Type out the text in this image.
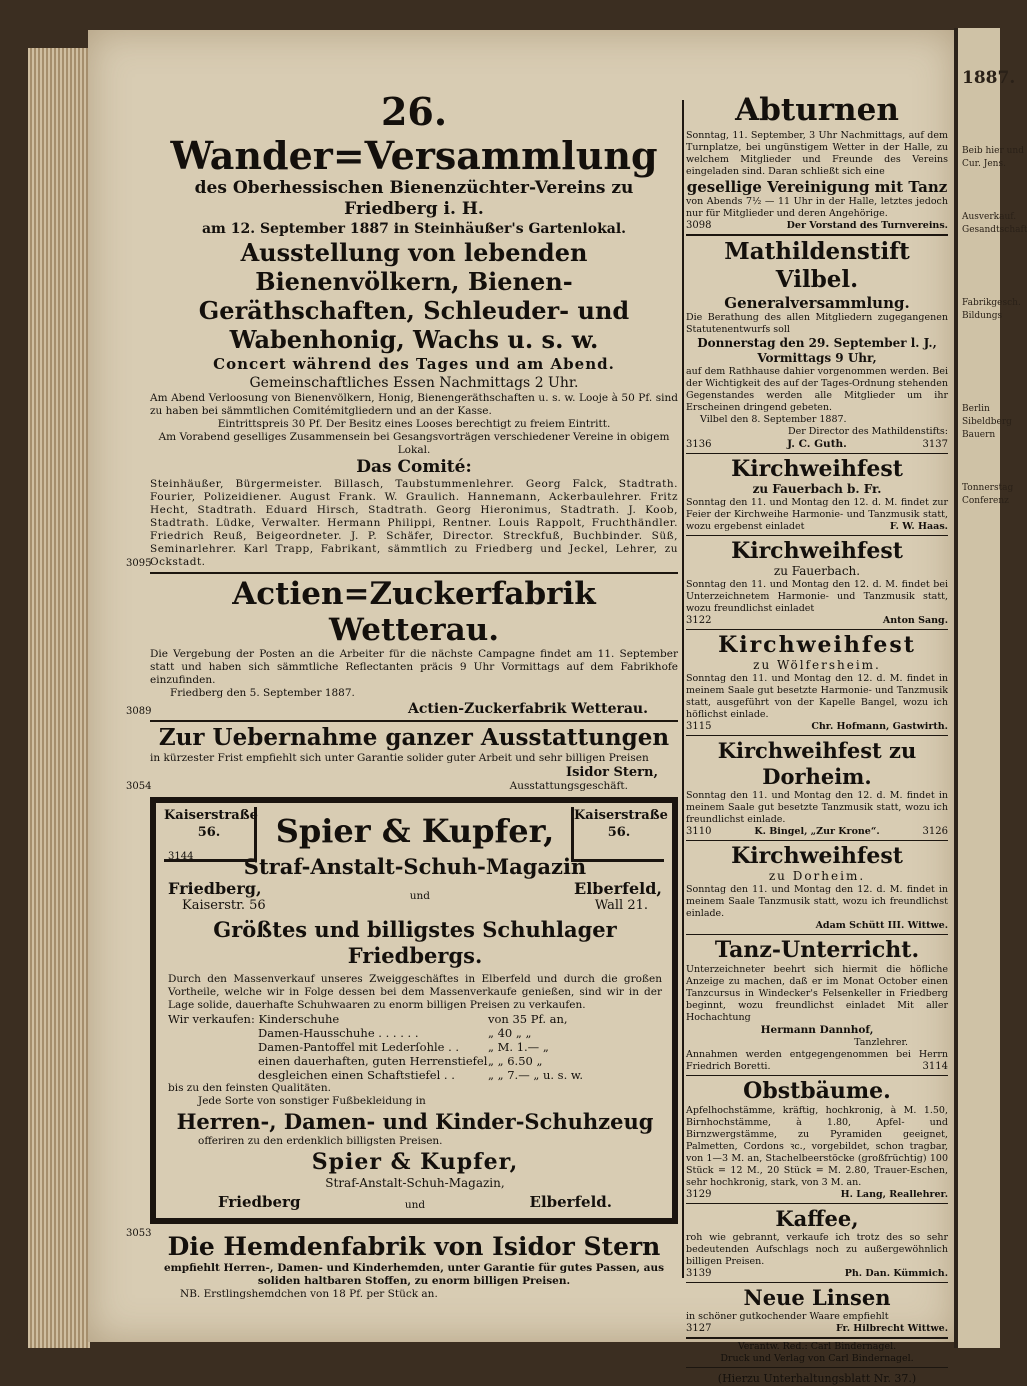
1887.
Beib hier und
Cur. Jens.
Ausverkauf.
Gesandtschaft
Fabrikgesch.
Bildungs
Berlin
Sibeldberg
Bauern
Tonnerstag
Conferenz
26. Wander=Versammlung
des Oberhessischen Bienenzüchter-Vereins zu Friedberg i. H.
am 12. September 1887 in Steinhäußer's Gartenlokal.
Ausstellung von lebenden Bienenvölkern, Bienen-Geräthschaften, Schleuder- und Wabenhonig, Wachs u. s. w.
Concert während des Tages und am Abend.
Gemeinschaftliches Essen Nachmittags 2 Uhr.
Am Abend Verloosung von Bienenvölkern, Honig, Bienengeräthschaften u. s. w. Looje à 50 Pf. sind zu haben bei sämmtlichen Comitémitgliedern und an der Kasse.
Eintrittspreis 30 Pf. Der Besitz eines Looses berechtigt zu freiem Eintritt.
Am Vorabend geselliges Zusammensein bei Gesangsvorträgen verschiedener Vereine in obigem Lokal.
Das Comité:
Steinhäußer, Bürgermeister. Billasch, Taubstummenlehrer. Georg Falck, Stadtrath. Fourier, Polizeidiener. August Frank. W. Graulich. Hannemann, Ackerbaulehrer. Fritz Hecht, Stadtrath. Eduard Hirsch, Stadtrath. Georg Hieronimus, Stadtrath. J. Koob, Stadtrath. Lüdke, Verwalter. Hermann Philippi, Rentner. Louis Rappolt, Fruchthändler. Friedrich Reuß, Beigeordneter. J. P. Schäfer, Director. Streckfuß, Buchbinder. Süß, Seminarlehrer. Karl Trapp, Fabrikant, sämmtlich zu Friedberg und Jeckel, Lehrer, zu Ockstadt.
3095
Actien=Zuckerfabrik Wetterau.
Die Vergebung der Posten an die Arbeiter für die nächste Campagne findet am 11. September statt und haben sich sämmtliche Reflectanten präcis 9 Uhr Vormittags auf dem Fabrikhofe einzufinden.
Friedberg den 5. September 1887.
3089	Actien-Zuckerfabrik Wetterau.
Zur Uebernahme ganzer Ausstattungen
in kürzester Frist empfiehlt sich unter Garantie solider guter Arbeit und sehr billigen Preisen
Isidor Stern,
3054	Ausstattungsgeschäft.
Kaiserstraße
56.
Kaiserstraße
56.
Spier & Kupfer,
3144	Straf-Anstalt-Schuh-Magazin
Friedberg,
Kaiserstr. 56
und	Elberfeld,
Wall 21.
Größtes und billigstes Schuhlager Friedbergs.
Durch den Massenverkauf unseres Zweiggeschäftes in Elberfeld und durch die großen Vortheile, welche wir in Folge dessen bei dem Massenverkaufe genießen, sind wir in der Lage solide, dauerhafte Schuhwaaren zu enorm billigen Preisen zu verkaufen.
Wir verkaufen: Kinderschuhe	von 35 Pf. an,
Damen-Hausschuhe . . . . . .	„ 40 „ „
Damen-Pantoffel mit Lederſohle . .	„ M. 1.— „
einen dauerhaften, guten Herrenstiefel „ „ 6.50 „
desgleichen einen Schaftstiefel . .	„ „ 7.— „ u. s. w.
bis zu den feinsten Qualitäten.
Jede Sorte von sonstiger Fußbekleidung in
Herren-, Damen- und Kinder-Schuhzeug
offeriren zu den erdenklich billigsten Preisen.
Spier & Kupfer,
Straf-Anstalt-Schuh-Magazin,
Friedberg	und	Elberfeld.
3053 Die Hemdenfabrik von Isidor Stern
empfiehlt Herren-, Damen- und Kinderhemden, unter Garantie für gutes Passen, aus soliden haltbaren Stoffen, zu enorm billigen Preisen.
NB. Erstlingshemdchen von 18 Pf. per Stück an.
Abturnen
Sonntag, 11. September, 3 Uhr Nachmittags, auf dem Turnplatze, bei ungünstigem Wetter in der Halle, zu welchem Mitglieder und Freunde des Vereins eingeladen sind. Daran schließt sich eine
gesellige Vereinigung mit Tanz
von Abends 7½ — 11 Uhr in der Halle, letztes jedoch nur für Mitglieder und deren Angehörige.
3098	Der Vorstand des Turnvereins.
Mathildenstift Vilbel.
Generalversammlung.
Die Berathung des allen Mitgliedern zugegangenen Statutenentwurfs soll
Donnerstag den 29. September l. J., Vormittags 9 Uhr,
auf dem Rathhause dahier vorgenommen werden. Bei der Wichtigkeit des auf der Tages-Ordnung stehenden Gegenstandes werden alle Mitglieder um ihr Erscheinen dringend gebeten.
Vilbel den 8. September 1887.
Der Director des Mathildenstifts:
3136	J. C. Guth.	3137
Kirchweihfest
zu Fauerbach b. Fr.
Sonntag den 11. und Montag den 12. d. M. findet zur Feier der Kirchweihe Harmonie- und Tanzmusik statt, wozu ergebenst einladet	F. W. Haas.
Kirchweihfest
zu Fauerbach.
Sonntag den 11. und Montag den 12. d. M. findet bei Unterzeichnetem Harmonie- und Tanzmusik statt, wozu freundlichst einladet
3122	Anton Sang.
Kirchweihfest
zu Wölfersheim.
Sonntag den 11. und Montag den 12. d. M. findet in meinem Saale gut besetzte Harmonie- und Tanzmusik statt, ausgeführt von der Kapelle Bangel, wozu ich höflichst einlade.
3115	Chr. Hofmann, Gastwirth.
Kirchweihfest zu Dorheim.
Sonntag den 11. und Montag den 12. d. M. findet in meinem Saale gut besetzte Tanzmusik statt, wozu ich freundlichst einlade.
3110	K. Bingel, „Zur Krone“.	3126
Kirchweihfest
zu Dorheim.
Sonntag den 11. und Montag den 12. d. M. findet in meinem Saale Tanzmusik statt, wozu ich freundlichst einlade.
Adam Schütt III. Wittwe.
Tanz-Unterricht.
Unterzeichneter beehrt sich hiermit die höfliche Anzeige zu machen, daß er im Monat October einen Tanzcursus in Windecker's Felsenkeller in Friedberg beginnt, wozu freundlichst einladet Mit aller Hochachtung
Hermann Dannhof,
Tanzlehrer.
Annahmen werden entgegengenommen bei Herrn Friedrich Boretti.	3114
Obstbäume.
Apfelhochstämme, kräftig, hochkronig, à M. 1.50, Birnhochstämme, à 1.80, Apfel- und Birnzwergstämme, zu Pyramiden geeignet, Palmetten, Cordons ꝛc., vorgebildet, schon tragbar, von 1—3 M. an, Stachelbeerstöcke (großfrüchtig) 100 Stück = 12 M., 20 Stück = M. 2.80, Trauer-Eschen, sehr hochkronig, stark, von 3 M. an.
3129	H. Lang, Reallehrer.
Kaffee,
roh wie gebrannt, verkaufe ich trotz des so sehr bedeutenden Aufschlags noch zu außergewöhnlich billigen Preisen.
3139	Ph. Dan. Kümmich.
Neue Linsen
in schöner gutkochender Waare empfiehlt
3127	Fr. Hilbrecht Wittwe.
Verantw. Red.: Carl Bindernagel.
Druck und Verlag von Carl Bindernagel.
(Hierzu Unterhaltungsblatt Nr. 37.)
